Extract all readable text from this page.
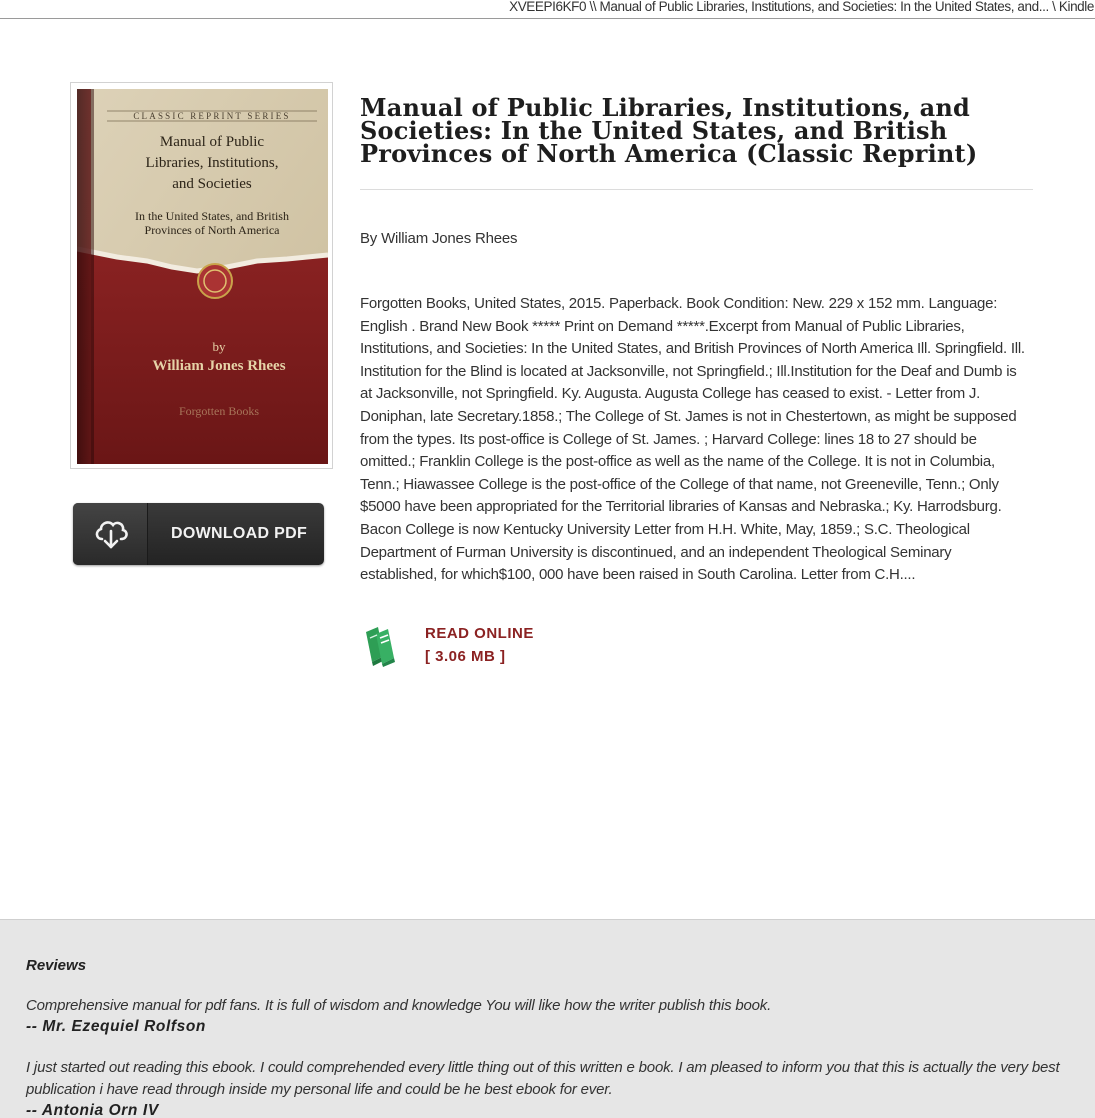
XVEEPI6KF0 \\ Manual of Public Libraries, Institutions, and Societies: In the United States, and... \ Kindle
CLASSIC REPRINT SERIES
Manual of Public
Libraries, Institutions,
and Societies
In the United States, and British
Provinces of North America
by
William Jones Rhees
Forgotten Books
DOWNLOAD PDF
Manual of Public Libraries, Institutions, and Societies: In the United States, and British Provinces of North America (Classic Reprint)
By William Jones Rhees

Forgotten Books, United States, 2015. Paperback. Book Condition: New. 229 x 152 mm. Language: English . Brand New Book ***** Print on Demand *****.Excerpt from Manual of Public Libraries, Institutions, and Societies: In the United States, and British Provinces of North America Ill. Springfield. Ill. Institution for the Blind is located at Jacksonville, not Springfield.; Ill.Institution for the Deaf and Dumb is at Jacksonville, not Springfield. Ky. Augusta. Augusta College has ceased to exist. - Letter from J. Doniphan, late Secretary.1858.; The College of St. James is not in Chestertown, as might be supposed from the types. Its post-office is College of St. James. ; Harvard College: lines 18 to 27 should be omitted.; Franklin College is the post-office as well as the name of the College. It is not in Columbia, Tenn.; Hiawassee College is the post-office of the College of that name, not Greeneville, Tenn.; Only $5000 have been appropriated for the Territorial libraries of Kansas and Nebraska.; Ky. Harrodsburg. Bacon College is now Kentucky University Letter from H.H. White, May, 1859.; S.C. Theological Department of Furman University is discontinued, and an independent Theological Seminary established, for which$100, 000 have been raised in South Carolina. Letter from C.H....

READ ONLINE
[ 3.06 MB ]
Reviews

Comprehensive manual for pdf fans. It is full of wisdom and knowledge You will like how the writer publish this book.

-- Mr. Ezequiel Rolfson

I just started out reading this ebook. I could comprehended every little thing out of this written e book. I am pleased to inform you that this is actually the very best publication i have read through inside my personal life and could be he best ebook for ever.

-- Antonia Orn IV
